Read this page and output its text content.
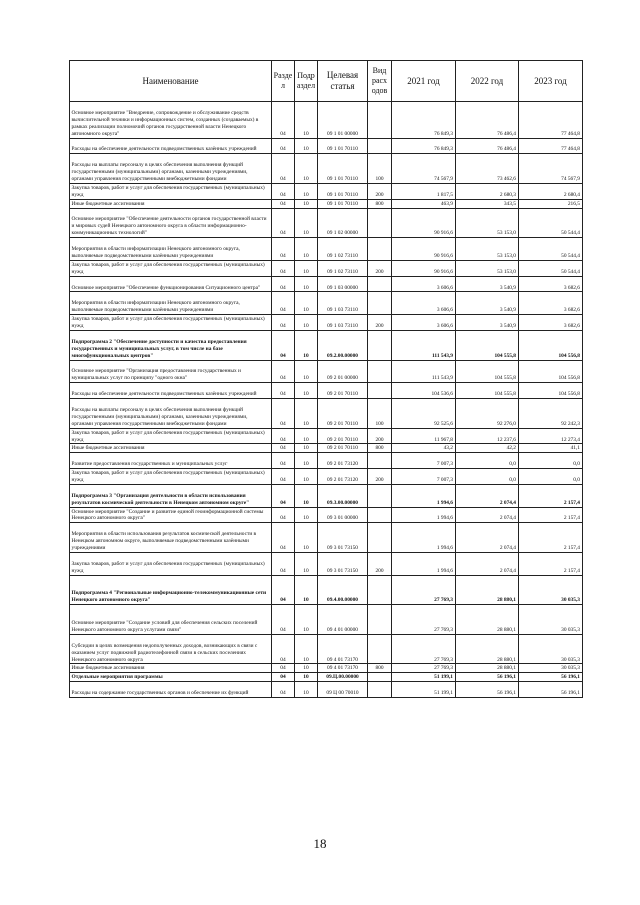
Наименование	Разде л	Подр аздел	Целевая статья	Вид расх одов	2021 год	2022 год	2023 год
Основное мероприятие "Внедрение, сопровождение и обслуживание средств вычислительной техники и информационных систем, созданных (создаваемых) в рамках реализации полномочий органов государственной власти Ненецкого автономного округа"	04	10	09 1 01 00000		76 849,3	76 486,4	77 464,8
Расходы на обеспечение деятельности подведомственных казённых учреждений	04	10	09 1 01 70110		76 849,3	76 486,4	77 464,8
Расходы на выплаты персоналу в целях обеспечения выполнения функций государственными (муниципальными) органами, казенными учреждениями, органами управления государственными внебюджетными фондами	04	10	09 1 01 70110	100	74 567,9	73 462,6	74 567,9
Закупка товаров, работ и услуг для обеспечения государственных (муниципальных) нужд	04	10	09 1 01 70110	200	1 817,5	2 680,3	2 680,4
Иные бюджетные ассигнования	04	10	09 1 01 70110	800	463,9	343,5	216,5
Основное мероприятие "Обеспечение деятельности органов государственной власти и мировых судей Ненецкого автономного округа в области информационно-коммуникационных технологий"	04	10	09 1 02 00000		90 916,6	53 153,0	50 544,4
Мероприятия в области информатизации Ненецкого автономного округа, выполняемые подведомственными казёнными учреждениями	04	10	09 1 02 73110		90 916,6	53 153,0	50 544,4
Закупка товаров, работ и услуг для обеспечения государственных (муниципальных) нужд	04	10	09 1 02 73110	200	90 916,6	53 153,0	50 544,4
Основное мероприятие "Обеспечение функционирования Ситуационного центра"	04	10	09 1 03 00000		3 606,6	3 540,9	3 682,6
Мероприятия в области информатизации Ненецкого автономного округа, выполняемые подведомственными казёнными учреждениями	04	10	09 1 03 73110		3 606,6	3 540,9	3 682,6
Закупка товаров, работ и услуг для обеспечения государственных (муниципальных) нужд	04	10	09 1 03 73110	200	3 606,6	3 540,9	3 682,6
Подпрограмма 2 "Обеспечение доступности и качества предоставления государственных и муниципальных услуг, в том числе на базе многофункциональных центров"	04	10	09.2.00.00000		111 543,9	104 555,8	104 556,8
Основное мероприятие "Организация предоставления государственных и муниципальных услуг по принципу "одного окна"	04	10	09 2 01 00000		111 543,9	104 555,8	104 556,8
Расходы на обеспечение деятельности подведомственных казённых учреждений	04	10	09 2 01 70110		104 536,6	104 555,8	104 556,8
Расходы на выплаты персоналу в целях обеспечения выполнения функций государственными (муниципальными) органами, казенными учреждениями, органами управления государственными внебюджетными фондами	04	10	09 2 01 70110	100	92 525,6	92 276,0	92 242,3
Закупка товаров, работ и услуг для обеспечения государственных (муниципальных) нужд	04	10	09 2 01 70110	200	11 967,8	12 237,6	12 273,4
Иные бюджетные ассигнования	04	10	09 2 01 70110	800	43,2	42,2	41,1
Развитие предоставления государственных и муниципальных услуг	04	10	09 2 01 73120		7 007,3	0,0	0,0
Закупка товаров, работ и услуг для обеспечения государственных (муниципальных) нужд	04	10	09 2 01 73120	200	7 007,3	0,0	0,0
Подпрограмма 3 "Организация деятельности в области использования результатов космической деятельности в Ненецком автономном округе"	04	10	09.3.00.00000		1 994,6	2 074,4	2 157,4
Основное мероприятие "Создание и развитие единой геоинформационной системы Ненецкого автономного округа"	04	10	09 3 01 00000		1 994,6	2 074,4	2 157,4
Мероприятия в области использования результатов космической деятельности в Ненецком автономном округе, выполняемые подведомственными казёнными учреждениями	04	10	09 3 01 73150		1 994,6	2 074,4	2 157,4
Закупка товаров, работ и услуг для обеспечения государственных (муниципальных) нужд	04	10	09 3 01 73150	200	1 994,6	2 074,4	2 157,4
Подпрограмма 4 "Региональные информационно-телекоммуникационные сети Ненецкого автономного округа"	04	10	09.4.00.00000		27 769,3	28 880,1	30 035,3
Основное мероприятие "Создание условий для обеспечения сельских поселений Ненецкого автономного округа услугами связи"	04	10	09 4 01 00000		27 769,3	28 880,1	30 035,3
Субсидии в целях возмещения недополученных доходов, возникающих в связи с оказанием услуг подвижной радиотелефонной связи в сельских поселениях Ненецкого автономного округа	04	10	09 4 01 73170		27 769,3	28 880,1	30 035,3
Иные бюджетные ассигнования	04	10	09 4 01 73170	800	27 769,3	28 880,1	30 035,3
Отдельные мероприятия программы	04	10	09.Ц.00.00000		51 199,1	56 196,1	56 196,1
Расходы на содержание государственных органов и обеспечение их функций	04	10	09 Ц 00 70010		51 199,1	56 196,1	56 196,1
18
